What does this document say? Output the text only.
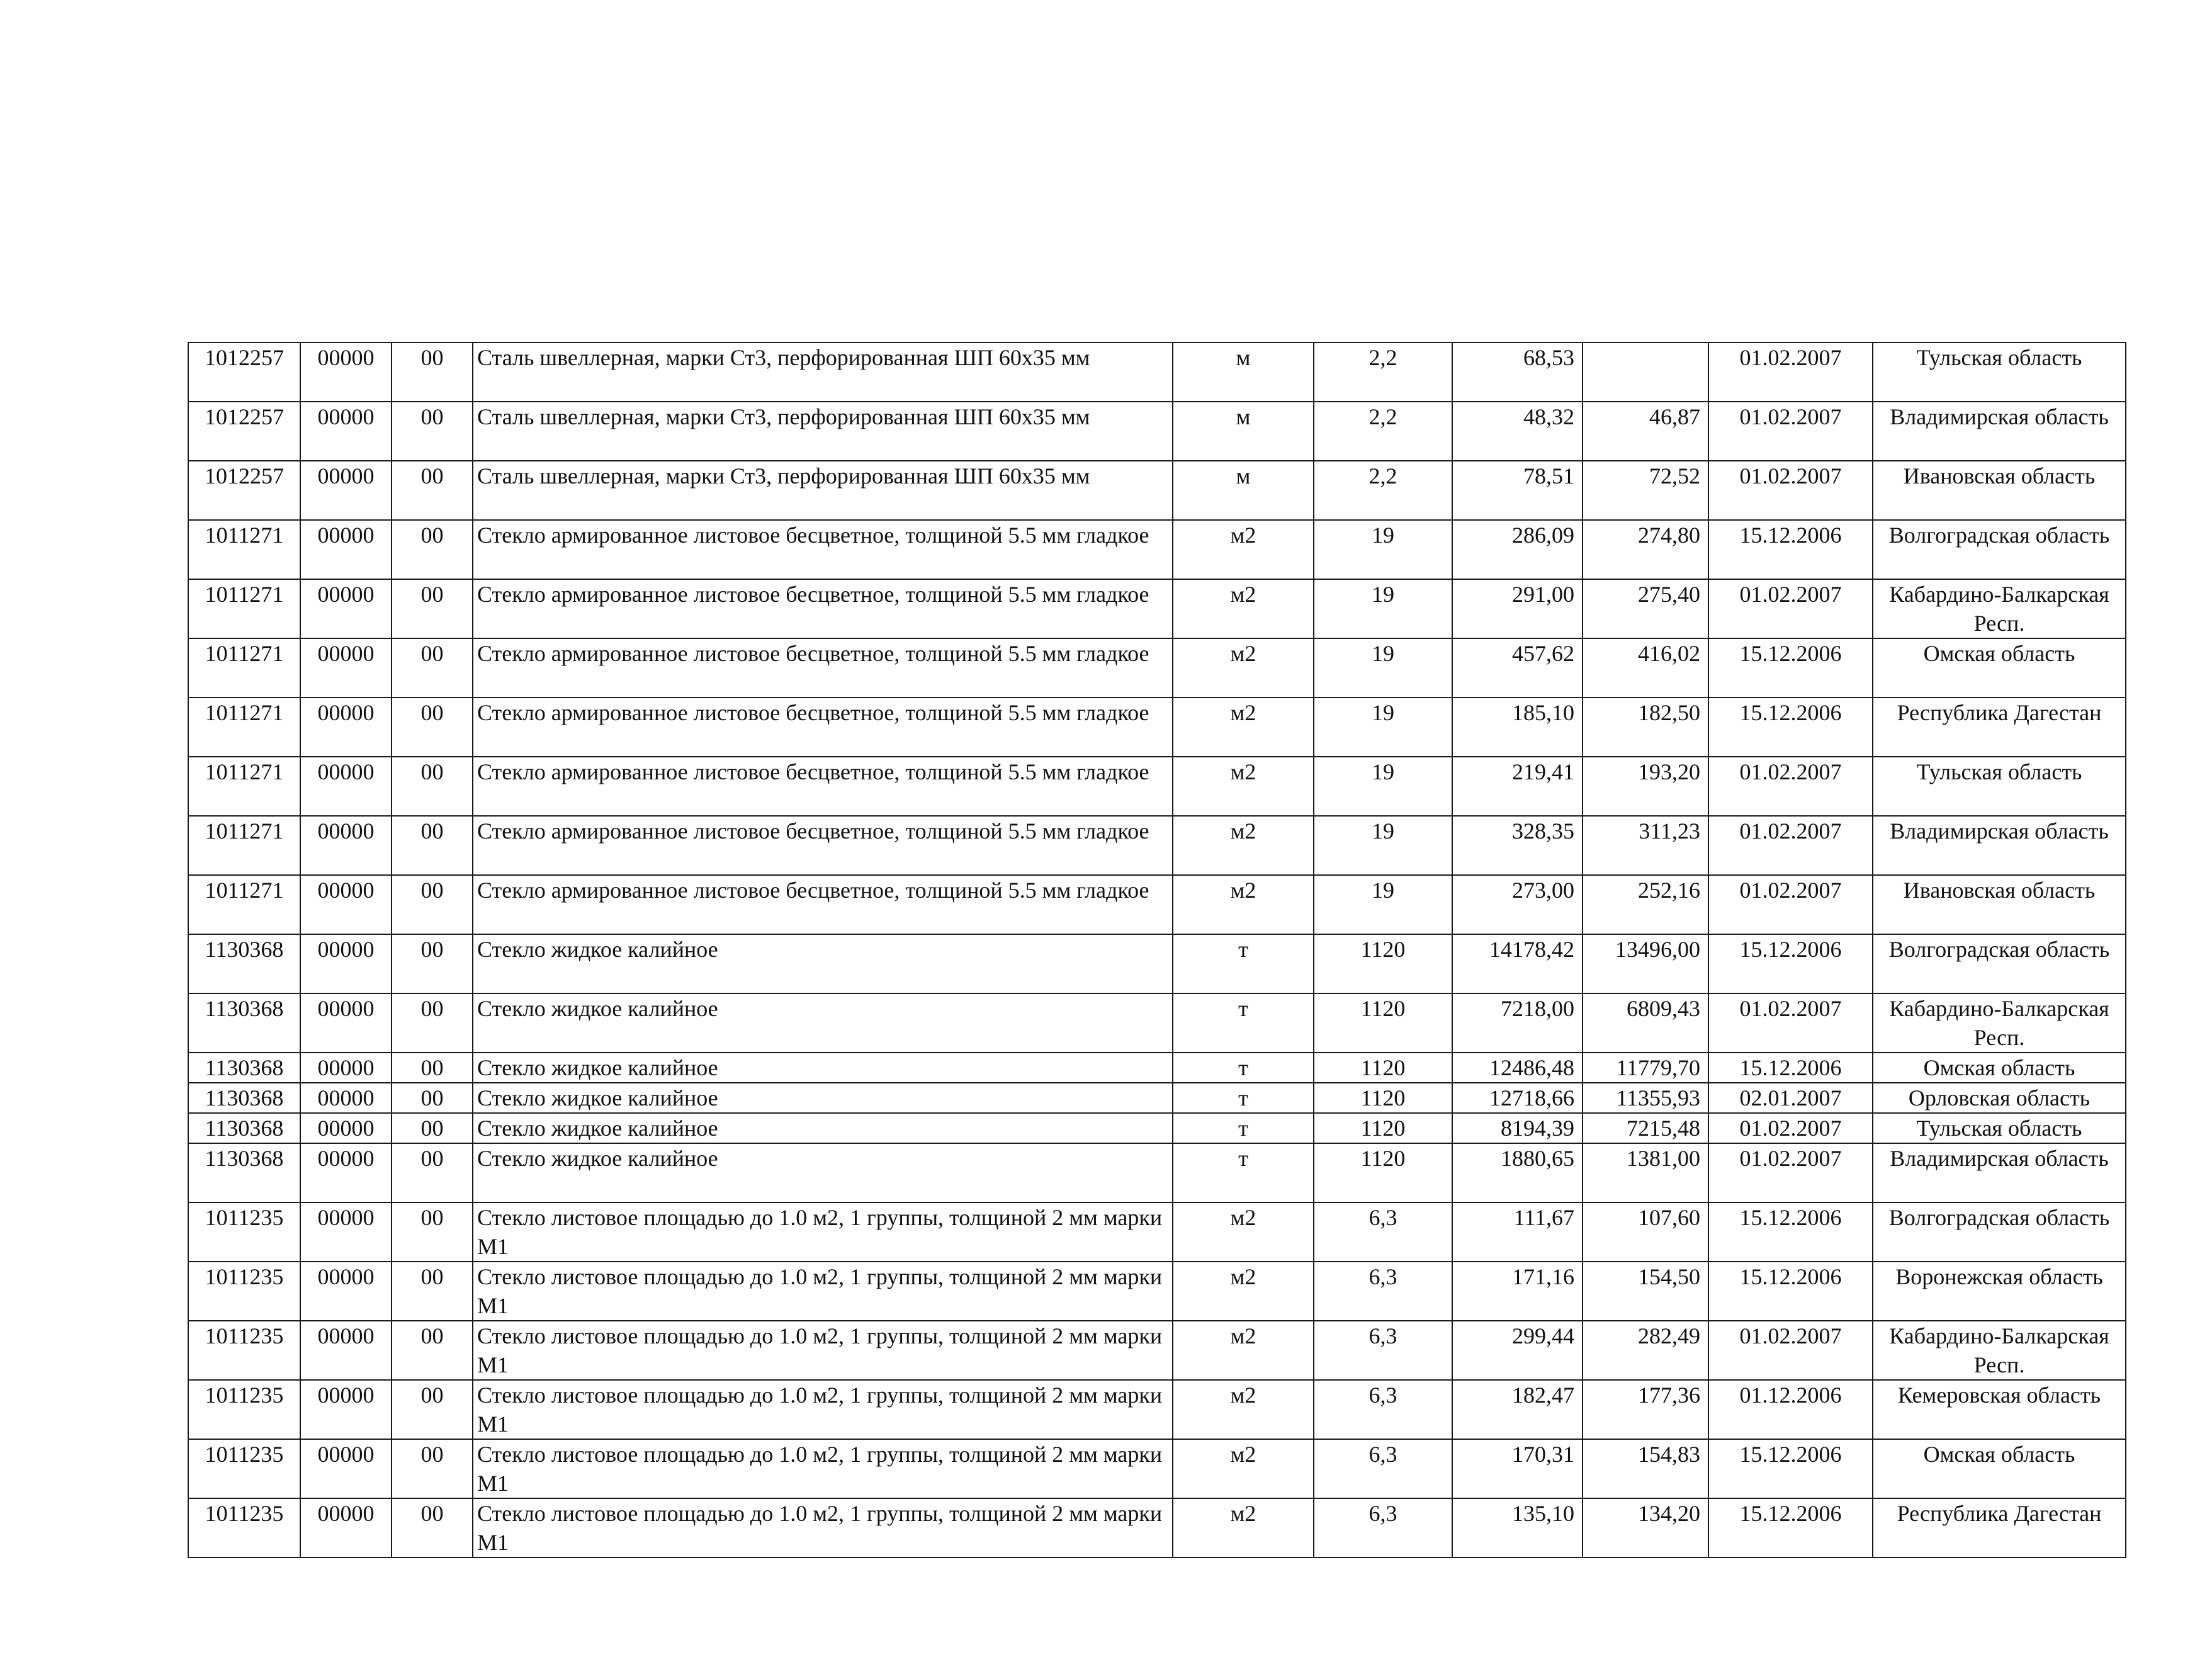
1012257	00000	00	Сталь швеллерная, марки Ст3, перфорированная ШП 60х35 мм	м	2,2	68,53		01.02.2007	Тульская область
1012257	00000	00	Сталь швеллерная, марки Ст3, перфорированная ШП 60х35 мм	м	2,2	48,32	46,87	01.02.2007	Владимирская область
1012257	00000	00	Сталь швеллерная, марки Ст3, перфорированная ШП 60х35 мм	м	2,2	78,51	72,52	01.02.2007	Ивановская область
1011271	00000	00	Стекло армированное листовое бесцветное, толщиной 5.5 мм гладкое	м2	19	286,09	274,80	15.12.2006	Волгоградская область
1011271	00000	00	Стекло армированное листовое бесцветное, толщиной 5.5 мм гладкое	м2	19	291,00	275,40	01.02.2007	Кабардино-Балкарская Респ.
1011271	00000	00	Стекло армированное листовое бесцветное, толщиной 5.5 мм гладкое	м2	19	457,62	416,02	15.12.2006	Омская область
1011271	00000	00	Стекло армированное листовое бесцветное, толщиной 5.5 мм гладкое	м2	19	185,10	182,50	15.12.2006	Республика Дагестан
1011271	00000	00	Стекло армированное листовое бесцветное, толщиной 5.5 мм гладкое	м2	19	219,41	193,20	01.02.2007	Тульская область
1011271	00000	00	Стекло армированное листовое бесцветное, толщиной 5.5 мм гладкое	м2	19	328,35	311,23	01.02.2007	Владимирская область
1011271	00000	00	Стекло армированное листовое бесцветное, толщиной 5.5 мм гладкое	м2	19	273,00	252,16	01.02.2007	Ивановская область
1130368	00000	00	Стекло жидкое калийное	т	1120	14178,42	13496,00	15.12.2006	Волгоградская область
1130368	00000	00	Стекло жидкое калийное	т	1120	7218,00	6809,43	01.02.2007	Кабардино-Балкарская Респ.
1130368	00000	00	Стекло жидкое калийное	т	1120	12486,48	11779,70	15.12.2006	Омская область
1130368	00000	00	Стекло жидкое калийное	т	1120	12718,66	11355,93	02.01.2007	Орловская область
1130368	00000	00	Стекло жидкое калийное	т	1120	8194,39	7215,48	01.02.2007	Тульская область
1130368	00000	00	Стекло жидкое калийное	т	1120	1880,65	1381,00	01.02.2007	Владимирская область
1011235	00000	00	Стекло листовое площадью до 1.0 м2, 1 группы, толщиной 2 мм марки М1	м2	6,3	111,67	107,60	15.12.2006	Волгоградская область
1011235	00000	00	Стекло листовое площадью до 1.0 м2, 1 группы, толщиной 2 мм марки М1	м2	6,3	171,16	154,50	15.12.2006	Воронежская область
1011235	00000	00	Стекло листовое площадью до 1.0 м2, 1 группы, толщиной 2 мм марки М1	м2	6,3	299,44	282,49	01.02.2007	Кабардино-Балкарская Респ.
1011235	00000	00	Стекло листовое площадью до 1.0 м2, 1 группы, толщиной 2 мм марки М1	м2	6,3	182,47	177,36	01.12.2006	Кемеровская область
1011235	00000	00	Стекло листовое площадью до 1.0 м2, 1 группы, толщиной 2 мм марки М1	м2	6,3	170,31	154,83	15.12.2006	Омская область
1011235	00000	00	Стекло листовое площадью до 1.0 м2, 1 группы, толщиной 2 мм марки М1	м2	6,3	135,10	134,20	15.12.2006	Республика Дагестан
